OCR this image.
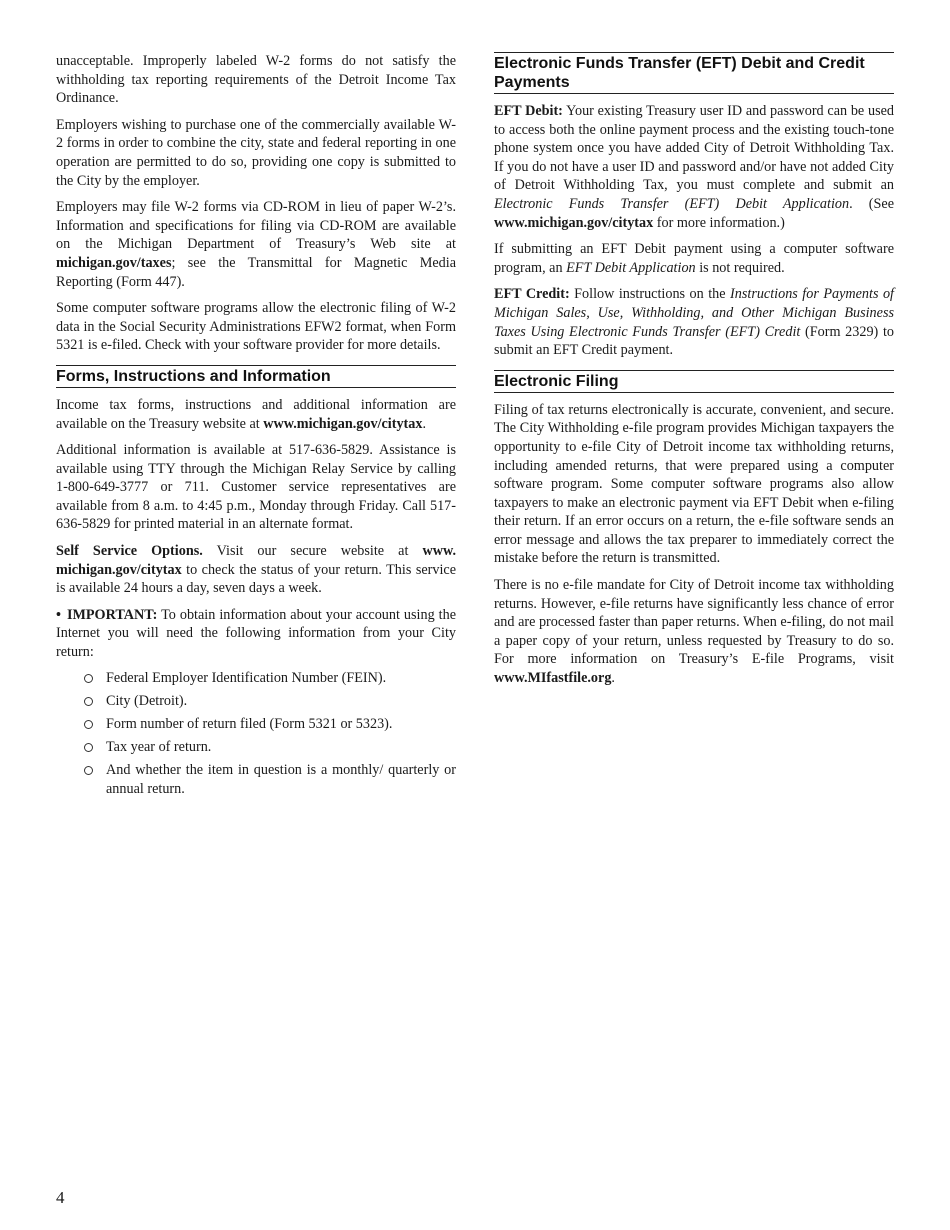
unacceptable. Improperly labeled W-2 forms do not satisfy the withholding tax reporting requirements of the Detroit Income Tax Ordinance.

Employers wishing to purchase one of the commercially available W-2 forms in order to combine the city, state and federal reporting in one operation are permitted to do so, providing one copy is submitted to the City by the employer.

Employers may file W-2 forms via CD-ROM in lieu of paper W-2’s. Information and specifications for filing via CD-ROM are available on the Michigan Department of Treasury’s Web site at michigan.gov/taxes; see the Transmittal for Magnetic Media Reporting (Form 447).

Some computer software programs allow the electronic filing of W-2 data in the Social Security Administrations EFW2 format, when Form 5321 is e-filed. Check with your software provider for more details.

Forms, Instructions and Information

Income tax forms, instructions and additional information are available on the Treasury website at www.michigan.gov/citytax.

Additional information is available at 517-636-5829. Assistance is available using TTY through the Michigan Relay Service by calling 1-800-649-3777 or 711. Customer service representatives are available from 8 a.m. to 4:45 p.m., Monday through Friday. Call 517-636-5829 for printed material in an alternate format.

Self Service Options. Visit our secure website at www. michigan.gov/citytax to check the status of your return. This service is available 24 hours a day, seven days a week.

• IMPORTANT: To obtain information about your account using the Internet you will need the following information from your City return:

Federal Employer Identification Number (FEIN).
City (Detroit).
Form number of return filed (Form 5321 or 5323).
Tax year of return.
And whether the item in question is a monthly/ quarterly or annual return.
Electronic Funds Transfer (EFT) Debit and Credit Payments

EFT Debit: Your existing Treasury user ID and password can be used to access both the online payment process and the existing touch-tone phone system once you have added City of Detroit Withholding Tax. If you do not have a user ID and password and/or have not added City of Detroit Withholding Tax, you must complete and submit an Electronic Funds Transfer (EFT) Debit Application. (See www.michigan.gov/citytax for more information.)

If submitting an EFT Debit payment using a computer software program, an EFT Debit Application is not required.

EFT Credit: Follow instructions on the Instructions for Payments of Michigan Sales, Use, Withholding, and Other Michigan Business Taxes Using Electronic Funds Transfer (EFT) Credit (Form 2329) to submit an EFT Credit payment.

Electronic Filing

Filing of tax returns electronically is accurate, convenient, and secure. The City Withholding e-file program provides Michigan taxpayers the opportunity to e-file City of Detroit income tax withholding returns, including amended returns, that were prepared using a computer software program. Some computer software programs also allow taxpayers to make an electronic payment via EFT Debit when e-filing their return. If an error occurs on a return, the e-file software sends an error message and allows the tax preparer to immediately correct the mistake before the return is transmitted.

There is no e-file mandate for City of Detroit income tax withholding returns. However, e-file returns have significantly less chance of error and are processed faster than paper returns. When e-filing, do not mail a paper copy of your return, unless requested by Treasury to do so. For more information on Treasury’s E-file Programs, visit www.MIfastfile.org.

4
